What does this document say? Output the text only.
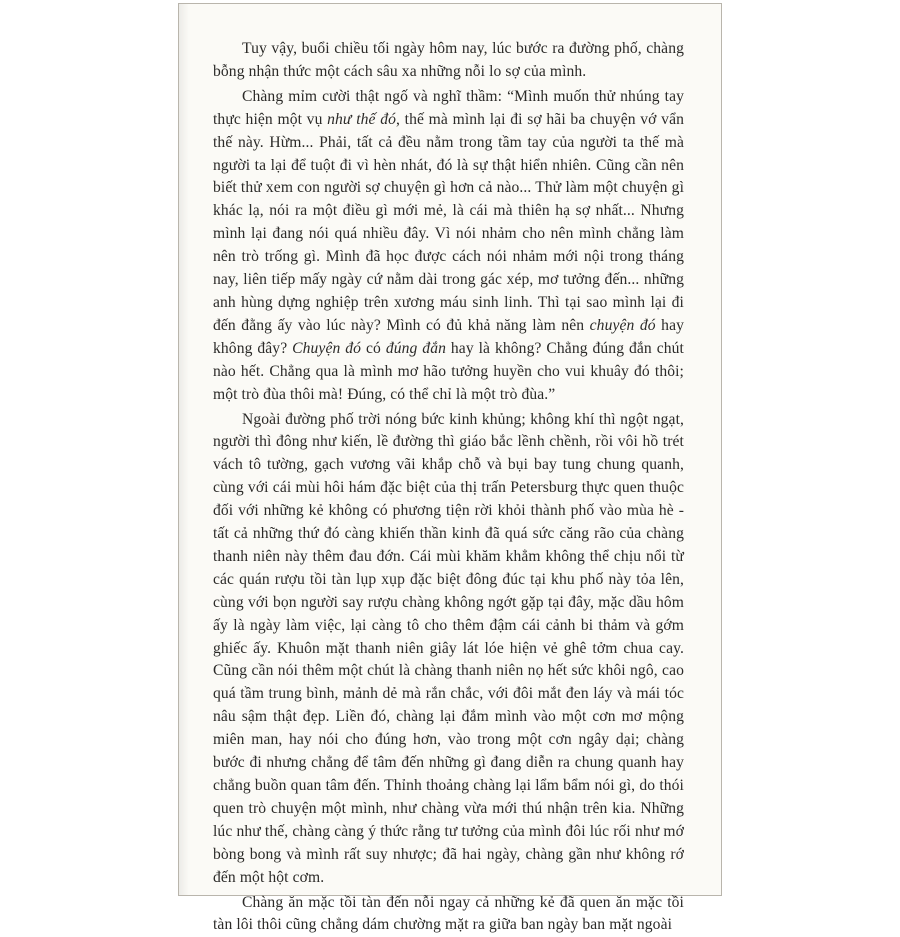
Tuy vậy, buổi chiều tối ngày hôm nay, lúc bước ra đường phố, chàng bỗng nhận thức một cách sâu xa những nỗi lo sợ của mình.

Chàng mỉm cười thật ngố và nghĩ thầm: “Mình muốn thử nhúng tay thực hiện một vụ như thế đó, thế mà mình lại đi sợ hãi ba chuyện vớ vẩn thế này. Hừm... Phải, tất cả đều nằm trong tầm tay của người ta thế mà người ta lại để tuột đi vì hèn nhát, đó là sự thật hiển nhiên. Cũng cần nên biết thử xem con người sợ chuyện gì hơn cả nào... Thử làm một chuyện gì khác lạ, nói ra một điều gì mới mẻ, là cái mà thiên hạ sợ nhất... Nhưng mình lại đang nói quá nhiều đây. Vì nói nhảm cho nên mình chẳng làm nên trò trống gì. Mình đã học được cách nói nhảm mới nội trong tháng nay, liên tiếp mấy ngày cứ nằm dài trong gác xép, mơ tưởng đến... những anh hùng dựng nghiệp trên xương máu sinh linh. Thì tại sao mình lại đi đến đằng ấy vào lúc này? Mình có đủ khả năng làm nên chuyện đó hay không đây? Chuyện đó có đúng đắn hay là không? Chẳng đúng đắn chút nào hết. Chẳng qua là mình mơ hão tưởng huyền cho vui khuây đó thôi; một trò đùa thôi mà! Đúng, có thể chỉ là một trò đùa.”

Ngoài đường phố trời nóng bức kinh khủng; không khí thì ngột ngạt, người thì đông như kiến, lề đường thì giáo bắc lềnh chềnh, rồi vôi hồ trét vách tô tường, gạch vương vãi khắp chỗ và bụi bay tung chung quanh, cùng với cái mùi hôi hám đặc biệt của thị trấn Petersburg thực quen thuộc đối với những kẻ không có phương tiện rời khỏi thành phố vào mùa hè - tất cả những thứ đó càng khiến thần kinh đã quá sức căng rão của chàng thanh niên này thêm đau đớn. Cái mùi khăm khẳm không thể chịu nổi từ các quán rượu tồi tàn lụp xụp đặc biệt đông đúc tại khu phố này tỏa lên, cùng với bọn người say rượu chàng không ngớt gặp tại đây, mặc dầu hôm ấy là ngày làm việc, lại càng tô cho thêm đậm cái cảnh bi thảm và gớm ghiếc ấy. Khuôn mặt thanh niên giây lát lóe hiện vẻ ghê tởm chua cay. Cũng cần nói thêm một chút là chàng thanh niên nọ hết sức khôi ngô, cao quá tầm trung bình, mảnh dẻ mà rắn chắc, với đôi mắt đen láy và mái tóc nâu sậm thật đẹp. Liền đó, chàng lại đắm mình vào một cơn mơ mộng miên man, hay nói cho đúng hơn, vào trong một cơn ngây dại; chàng bước đi nhưng chẳng để tâm đến những gì đang diễn ra chung quanh hay chẳng buồn quan tâm đến. Thỉnh thoảng chàng lại lẩm bẩm nói gì, do thói quen trò chuyện một mình, như chàng vừa mới thú nhận trên kia. Những lúc như thế, chàng càng ý thức rằng tư tưởng của mình đôi lúc rối như mớ bòng bong và mình rất suy nhược; đã hai ngày, chàng gần như không rớ đến một hột cơm.

Chàng ăn mặc tồi tàn đến nỗi ngay cả những kẻ đã quen ăn mặc tồi tàn lôi thôi cũng chẳng dám chường mặt ra giữa ban ngày ban mặt ngoài
